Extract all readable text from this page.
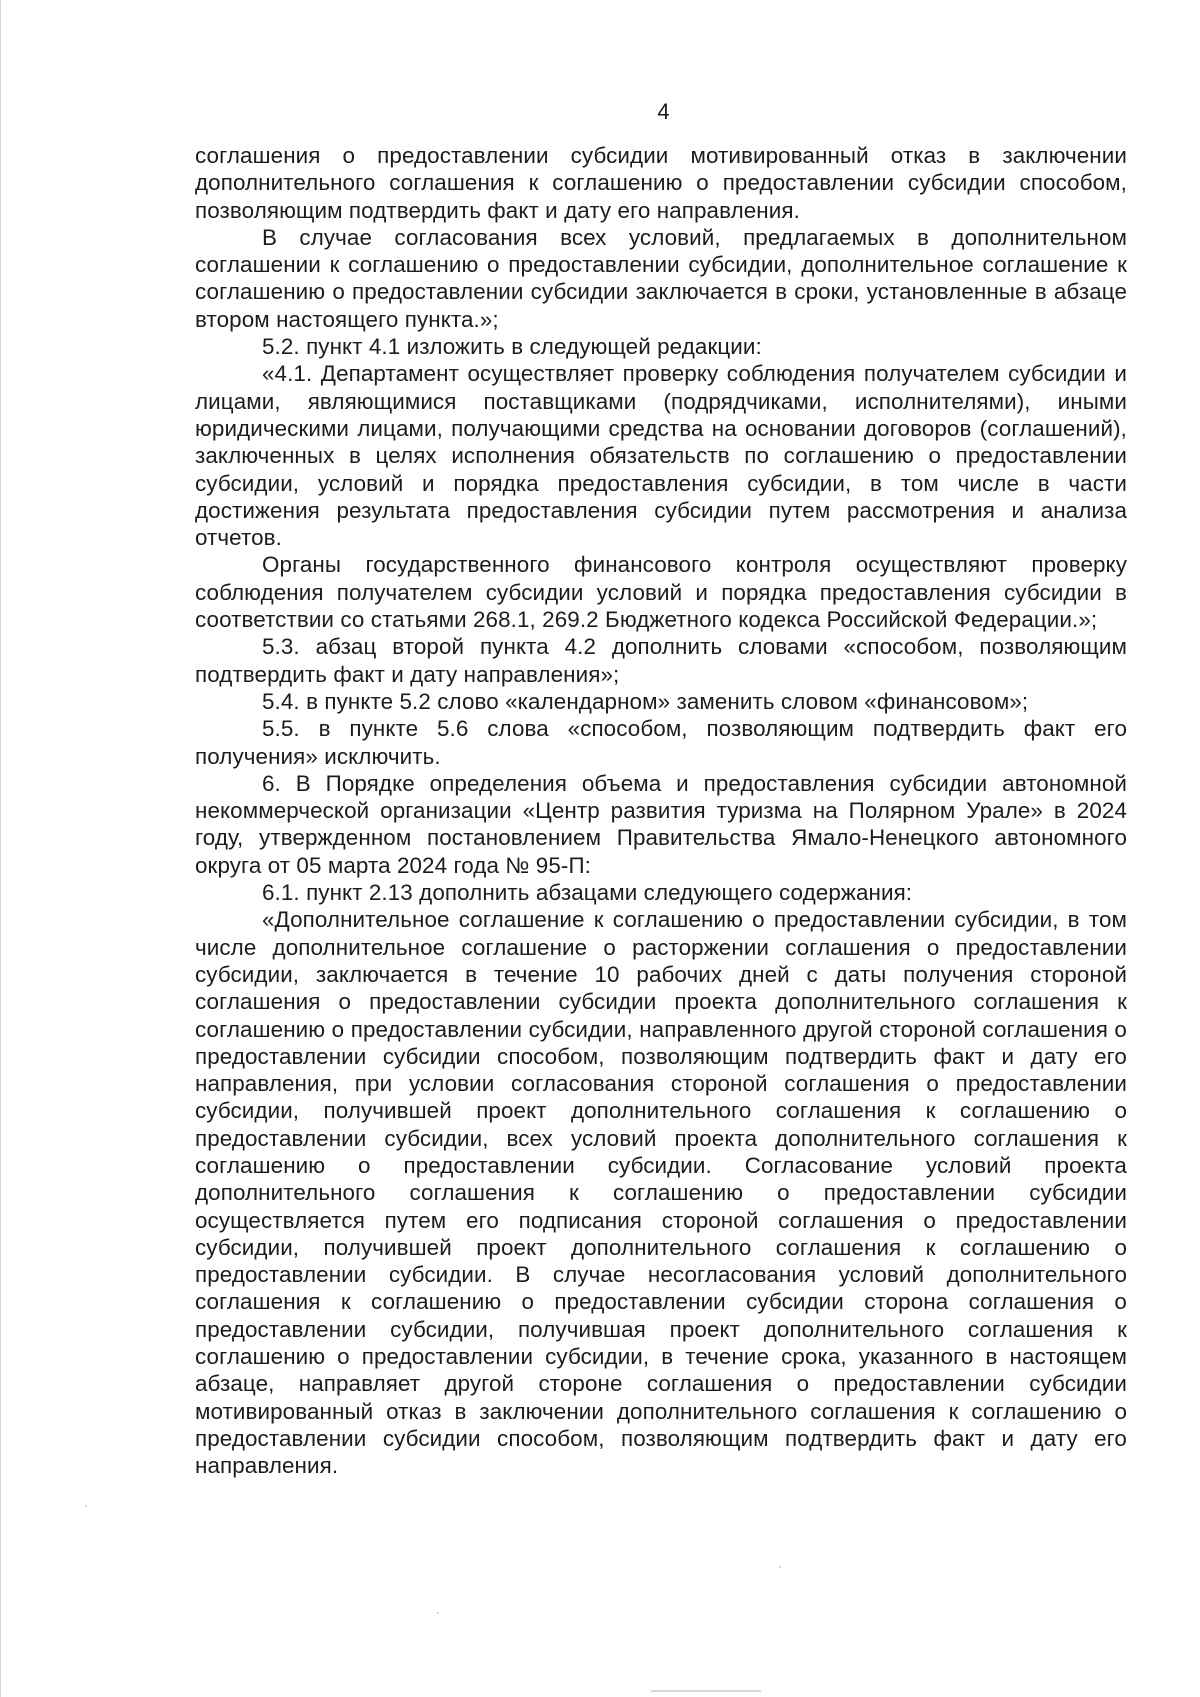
4

соглашения о предоставлении субсидии мотивированный отказ в заключении дополнительного соглашения к соглашению о предоставлении субсидии способом, позволяющим подтвердить факт и дату его направления.

В случае согласования всех условий, предлагаемых в дополнительном соглашении к соглашению о предоставлении субсидии, дополнительное соглашение к соглашению о предоставлении субсидии заключается в сроки, установленные в абзаце втором настоящего пункта.»;

5.2. пункт 4.1 изложить в следующей редакции:

«4.1. Департамент осуществляет проверку соблюдения получателем субсидии и лицами, являющимися поставщиками (подрядчиками, исполнителями), иными юридическими лицами, получающими средства на основании договоров (соглашений), заключенных в целях исполнения обязательств по соглашению о предоставлении субсидии, условий и порядка предоставления субсидии, в том числе в части достижения результата предоставления субсидии путем рассмотрения и анализа отчетов.

Органы государственного финансового контроля осуществляют проверку соблюдения получателем субсидии условий и порядка предоставления субсидии в соответствии со статьями 268.1, 269.2 Бюджетного кодекса Российской Федерации.»;

5.3. абзац второй пункта 4.2 дополнить словами «способом, позволяющим подтвердить факт и дату направления»;

5.4. в пункте 5.2 слово «календарном» заменить словом «финансовом»;

5.5. в пункте 5.6 слова «способом, позволяющим подтвердить факт его получения» исключить.

6. В Порядке определения объема и предоставления субсидии автономной некоммерческой организации «Центр развития туризма на Полярном Урале» в 2024 году, утвержденном постановлением Правительства Ямало-Ненецкого автономного округа от 05 марта 2024 года № 95-П:

6.1. пункт 2.13 дополнить абзацами следующего содержания:

«Дополнительное соглашение к соглашению о предоставлении субсидии, в том числе дополнительное соглашение о расторжении соглашения о предоставлении субсидии, заключается в течение 10 рабочих дней с даты получения стороной соглашения о предоставлении субсидии проекта дополнительного соглашения к соглашению о предоставлении субсидии, направленного другой стороной соглашения о предоставлении субсидии способом, позволяющим подтвердить факт и дату его направления, при условии согласования стороной соглашения о предоставлении субсидии, получившей проект дополнительного соглашения к соглашению о предоставлении субсидии, всех условий проекта дополнительного соглашения к соглашению о предоставлении субсидии. Согласование условий проекта дополнительного соглашения к соглашению о предоставлении субсидии осуществляется путем его подписания стороной соглашения о предоставлении субсидии, получившей проект дополнительного соглашения к соглашению о предоставлении субсидии. В случае несогласования условий дополнительного соглашения к соглашению о предоставлении субсидии сторона соглашения о предоставлении субсидии, получившая проект дополнительного соглашения к соглашению о предоставлении субсидии, в течение срока, указанного в настоящем абзаце, направляет другой стороне соглашения о предоставлении субсидии мотивированный отказ в заключении дополнительного соглашения к соглашению о предоставлении субсидии способом, позволяющим подтвердить факт и дату его направления.
